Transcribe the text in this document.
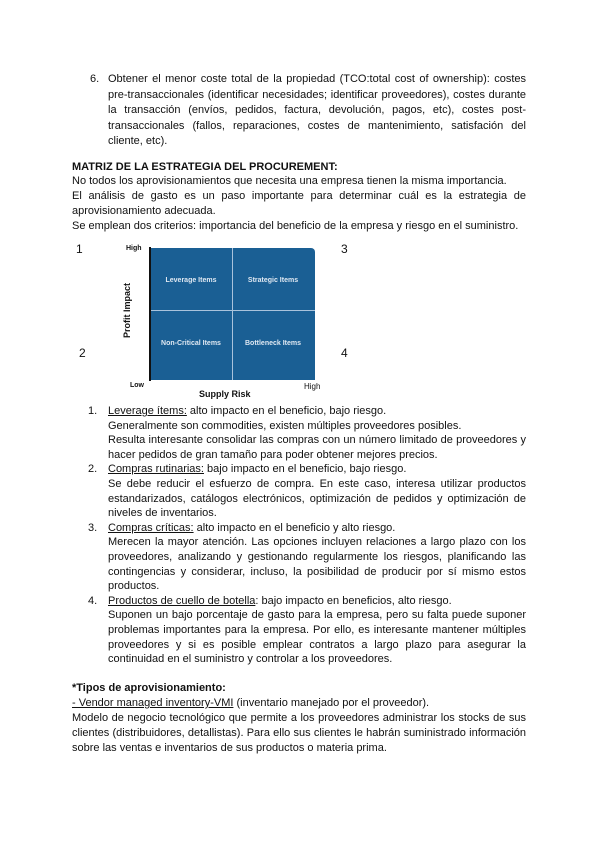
6. Obtener el menor coste total de la propiedad (TCO:total cost of ownership): costes pre-transaccionales (identificar necesidades; identificar proveedores), costes durante la transacción (envíos, pedidos, factura, devolución, pagos, etc), costes post-transaccionales (fallos, reparaciones, costes de mantenimiento, satisfación del cliente, etc).
MATRIZ DE LA ESTRATEGIA DEL PROCUREMENT:
No todos los aprovisionamientos que necesita una empresa tienen la misma importancia.
El análisis de gasto es un paso importante para determinar cuál es la estrategia de aprovisionamiento adecuada.
Se emplean dos criterios: importancia del beneficio de la empresa y riesgo en el suministro.
1	3
2	4
High
Low	High
Supply Risk
Profit Impact
Leverage Items	Strategic Items
Non-Critical Items	Bottleneck Items
1. Leverage ítems: alto impacto en el beneficio, bajo riesgo.
Generalmente son commodities, existen múltiples proveedores posibles.
Resulta interesante consolidar las compras con un número limitado de proveedores y hacer pedidos de gran tamaño para poder obtener mejores precios.
2. Compras rutinarias: bajo impacto en el beneficio, bajo riesgo.
Se debe reducir el esfuerzo de compra. En este caso, interesa utilizar productos estandarizados, catálogos electrónicos, optimización de pedidos y optimización de niveles de inventarios.
3. Compras críticas: alto impacto en el beneficio y alto riesgo.
Merecen la mayor atención. Las opciones incluyen relaciones a largo plazo con los proveedores, analizando y gestionando regularmente los riesgos, planificando las contingencias y considerar, incluso, la posibilidad de producir por sí mismo estos productos.
4. Productos de cuello de botella: bajo impacto en beneficios, alto riesgo.
Suponen un bajo porcentaje de gasto para la empresa, pero su falta puede suponer problemas importantes para la empresa. Por ello, es interesante mantener múltiples proveedores y si es posible emplear contratos a largo plazo para asegurar la continuidad en el suministro y controlar a los proveedores.
*Tipos de aprovisionamiento:
- Vendor managed inventory-VMI (inventario manejado por el proveedor).
Modelo de negocio tecnológico que permite a los proveedores administrar los stocks de sus clientes (distribuidores, detallistas). Para ello sus clientes le habrán suministrado información sobre las ventas e inventarios de sus productos o materia prima.
